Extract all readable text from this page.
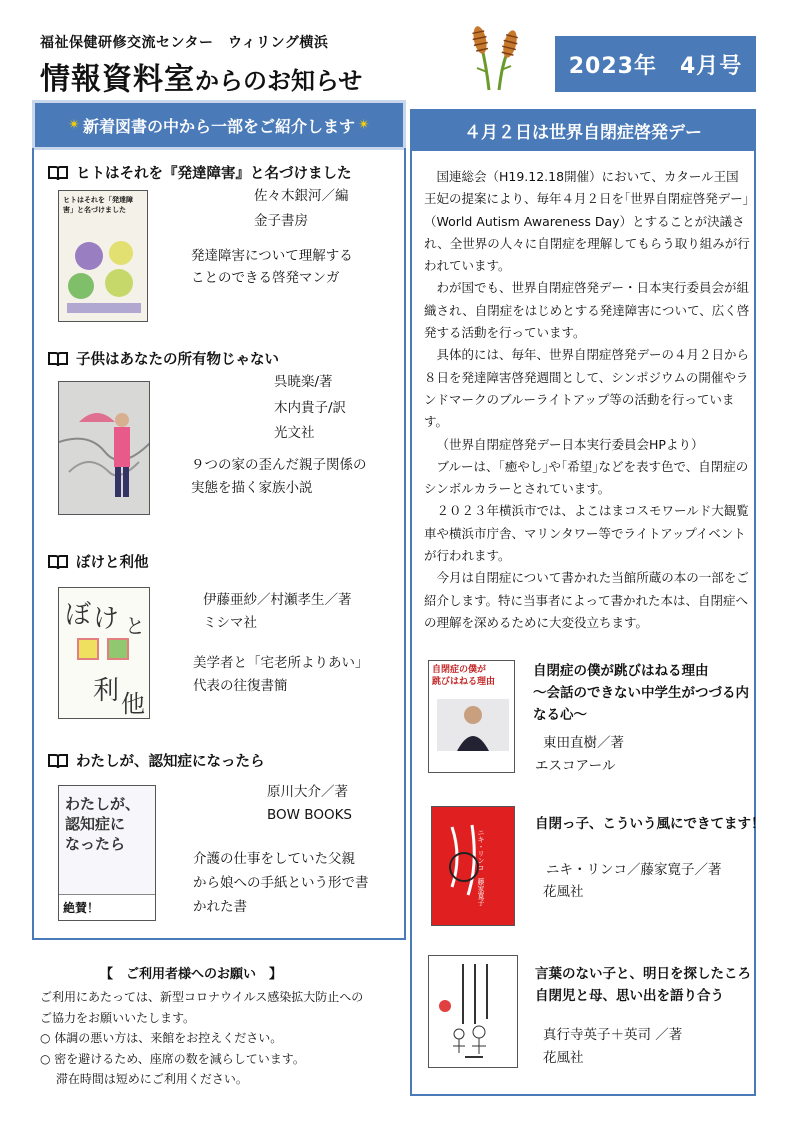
福祉保健研修交流センター　ウィリング横浜
情報資料室からのお知らせ
2023年　4月号
✴ 新着図書の中から一部をご紹介します ✴
ヒトはそれを『発達障害』と名づけました
ヒトはそれを「発達障害」と名づけました
佐々木銀河／編
金子書房
発達障害について理解する
ことのできる啓発マンガ
子供はあなたの所有物じゃない
呉暁楽/著
木内貴子/訳
光文社
９つの家の歪んだ親子関係の
実態を描く家族小説
ぼけと利他
ぼ け と
利 他
伊藤亜紗／村瀬孝生／著
ミシマ社
美学者と「宅老所よりあい」
代表の往復書簡
わたしが、認知症になったら
わたしが、
認知症に
なったら
絶賛！
原川大介／著
BOW BOOKS
介護の仕事をしていた父親
から娘への手紙という形で書
かれた書
【　ご利用者様へのお願い　】
ご利用にあたっては、新型コロナウイルス感染拡大防止への
ご協力をお願いいたします。
○ 体調の悪い方は、来館をお控えください。
○ 密を避けるため、座席の数を減らしています。
　 滞在時間は短めにご利用ください。
４月２日は世界自閉症啓発デー

国連総会（H19.12.18開催）において、カタール王国王妃の提案により、毎年４月２日を｢世界自閉症啓発デー｣（World Autism Awareness Day）とすることが決議され、全世界の人々に自閉症を理解してもらう取り組みが行われています。

わが国でも、世界自閉症啓発デー・日本実行委員会が組織され、自閉症をはじめとする発達障害について、広く啓発する活動を行っています。

具体的には、毎年、世界自閉症啓発デーの４月２日から８日を発達障害啓発週間として、シンポジウムの開催やランドマークのブルーライトアップ等の活動を行っています。

（世界自閉症啓発デー日本実行委員会HPより）

ブルーは、｢癒やし｣や｢希望｣などを表す色で、自閉症のシンボルカラーとされています。

２０２３年横浜市では、よこはまコスモワールド大観覧車や横浜市庁舎、マリンタワー等でライトアップイベントが行われます。

今月は自閉症について書かれた当館所蔵の本の一部をご紹介します。特に当事者によって書かれた本は、自閉症への理解を深めるために大変役立ちます。

自閉症の僕が
跳びはねる理由
自閉症の僕が跳びはねる理由
～会話のできない中学生がつづる内
なる心～
東田直樹／著
エスコアール
ニキ・リンコ　藤家寛子
自閉っ子、こういう風にできてます！
ニキ・リンコ／藤家寛子／著
花風社
言葉のない子と、明日を探したころ
自閉児と母、思い出を語り合う
真行寺英子＋英司 ／著
花風社
